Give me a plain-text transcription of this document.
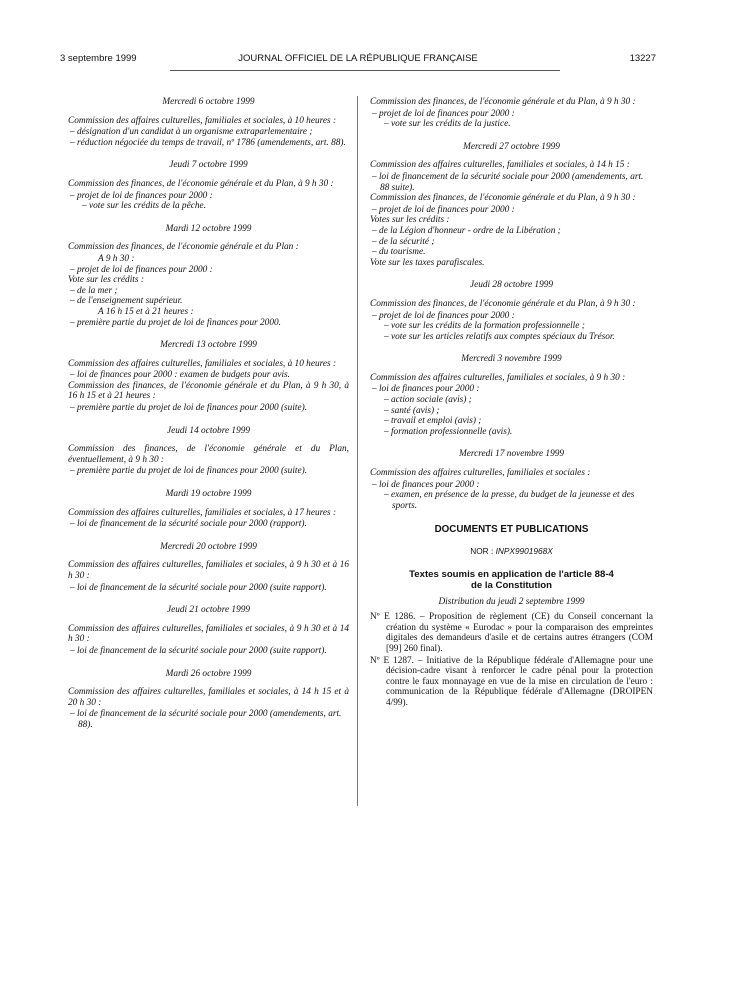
3 septembre 1999	JOURNAL OFFICIEL DE LA RÉPUBLIQUE FRANÇAISE	13227
Mercredi 6 octobre 1999
Commission des affaires culturelles, familiales et sociales, à 10 heures :
– désignation d'un candidat à un organisme extraparlementaire ;
– réduction négociée du temps de travail, nº 1786 (amendements, art. 88).
Jeudi 7 octobre 1999
Commission des finances, de l'économie générale et du Plan, à 9 h 30 :
– projet de loi de finances pour 2000 :
– vote sur les crédits de la pêche.
Mardi 12 octobre 1999
Commission des finances, de l'économie générale et du Plan :
A 9 h 30 :
– projet de loi de finances pour 2000 :
Vote sur les crédits :
– de la mer ;
– de l'enseignement supérieur.
A 16 h 15 et à 21 heures :
– première partie du projet de loi de finances pour 2000.
Mercredi 13 octobre 1999
Commission des affaires culturelles, familiales et sociales, à 10 heures :
– loi de finances pour 2000 : examen de budgets pour avis.
Commission des finances, de l'économie générale et du Plan, à 9 h 30, à 16 h 15 et à 21 heures :
– première partie du projet de loi de finances pour 2000 (suite).
Jeudi 14 octobre 1999
Commission des finances, de l'économie générale et du Plan, éventuellement, à 9 h 30 :
– première partie du projet de loi de finances pour 2000 (suite).
Mardi 19 octobre 1999
Commission des affaires culturelles, familiales et sociales, à 17 heures :
– loi de financement de la sécurité sociale pour 2000 (rapport).
Mercredi 20 octobre 1999
Commission des affaires culturelles, familiales et sociales, à 9 h 30 et à 16 h 30 :
– loi de financement de la sécurité sociale pour 2000 (suite rapport).
Jeudi 21 octobre 1999
Commission des affaires culturelles, familiales et sociales, à 9 h 30 et à 14 h 30 :
– loi de financement de la sécurité sociale pour 2000 (suite rapport).
Mardi 26 octobre 1999
Commission des affaires culturelles, familiales et sociales, à 14 h 15 et à 20 h 30 :
– loi de financement de la sécurité sociale pour 2000 (amendements, art. 88).
Commission des finances, de l'économie générale et du Plan, à 9 h 30 :
– projet de loi de finances pour 2000 :
– vote sur les crédits de la justice.
Mercredi 27 octobre 1999
Commission des affaires culturelles, familiales et sociales, à 14 h 15 :
– loi de financement de la sécurité sociale pour 2000 (amendements, art. 88 suite).
Commission des finances, de l'économie générale et du Plan, à 9 h 30 :
– projet de loi de finances pour 2000 :
Votes sur les crédits :
– de la Légion d'honneur - ordre de la Libération ;
– de la sécurité ;
– du tourisme.
Vote sur les taxes parafiscales.
Jeudi 28 octobre 1999
Commission des finances, de l'économie générale et du Plan, à 9 h 30 :
– projet de loi de finances pour 2000 :
– vote sur les crédits de la formation professionnelle ;
– vote sur les articles relatifs aux comptes spéciaux du Trésor.
Mercredi 3 novembre 1999
Commission des affaires culturelles, familiales et sociales, à 9 h 30 :
– loi de finances pour 2000 :
– action sociale (avis) ;
– santé (avis) ;
– travail et emploi (avis) ;
– formation professionnelle (avis).
Mercredi 17 novembre 1999
Commission des affaires culturelles, familiales et sociales :
– loi de finances pour 2000 :
– examen, en présence de la presse, du budget de la jeunesse et des sports.
DOCUMENTS ET PUBLICATIONS
NOR : INPX9901968X
Textes soumis en application de l'article 88-4
de la Constitution
Distribution du jeudi 2 septembre 1999
Nº E 1286. – Proposition de règlement (CE) du Conseil concernant la création du système « Eurodac » pour la comparaison des empreintes digitales des demandeurs d'asile et de certains autres étrangers (COM [99] 260 final).
Nº E 1287. – Initiative de la République fédérale d'Allemagne pour une décision-cadre visant à renforcer le cadre pénal pour la protection contre le faux monnayage en vue de la mise en circulation de l'euro : communication de la République fédérale d'Allemagne (DROIPEN 4/99).
